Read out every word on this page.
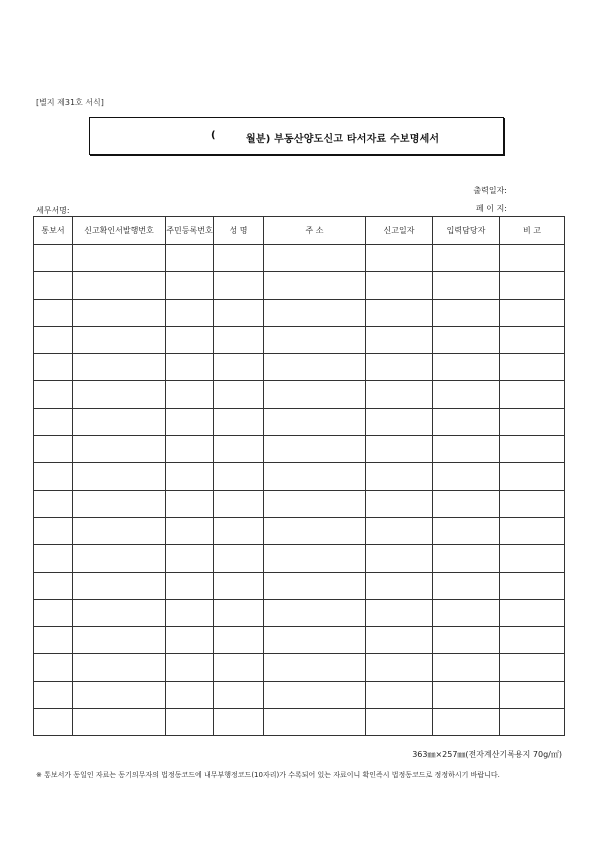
[별지 제31호 서식]
(	월분) 부동산양도신고 타서자료 수보명세서
출력일자:
페 이 지:
세무서명:
통보서	신고확인서발행번호	주민등록번호	성 명	주 소	신고일자	입력담당자	비 고

363㎜×257㎜(전자계산기록용지 70g/㎡)
※ 통보서가 동일인 자료는 동기의무자의 법정동코드에 내무부행정코드(10자리)가 수록되어 있는 자료이니 확인즉시 법정동코드로 정정하시기 바랍니다.
